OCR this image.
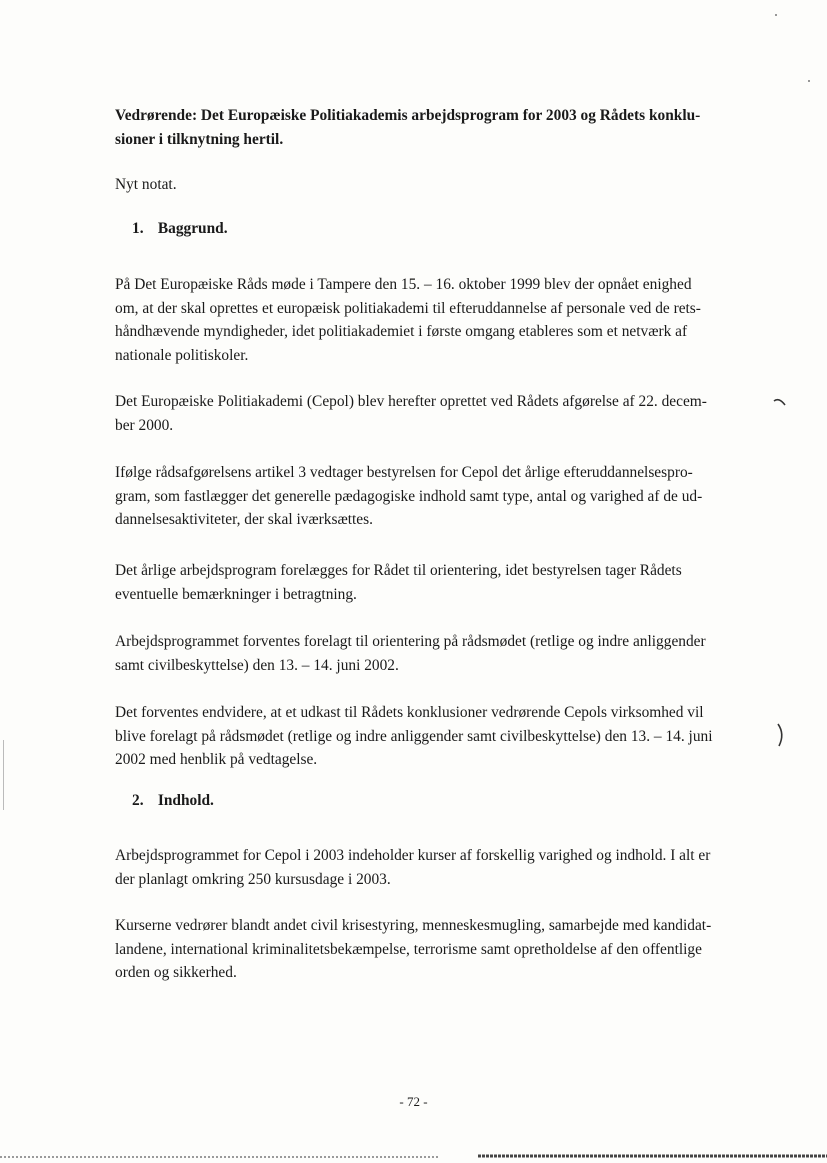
Vedrørende: Det Europæiske Politiakademis arbejdsprogram for 2003 og Rådets konklu-
sioner i tilknytning hertil.
Nyt notat.
1. Baggrund.
På Det Europæiske Råds møde i Tampere den 15. – 16. oktober 1999 blev der opnået enighed
om, at der skal oprettes et europæisk politiakademi til efteruddannelse af personale ved de rets-
håndhævende myndigheder, idet politiakademiet i første omgang etableres som et netværk af
nationale politiskoler.
Det Europæiske Politiakademi (Cepol) blev herefter oprettet ved Rådets afgørelse af 22. decem-
ber 2000.
Ifølge rådsafgørelsens artikel 3 vedtager bestyrelsen for Cepol det årlige efteruddannelsespro-
gram, som fastlægger det generelle pædagogiske indhold samt type, antal og varighed af de ud-
dannelsesaktiviteter, der skal iværksættes.
Det årlige arbejdsprogram forelægges for Rådet til orientering, idet bestyrelsen tager Rådets
eventuelle bemærkninger i betragtning.
Arbejdsprogrammet forventes forelagt til orientering på rådsmødet (retlige og indre anliggender
samt civilbeskyttelse) den 13. – 14. juni 2002.
Det forventes endvidere, at et udkast til Rådets konklusioner vedrørende Cepols virksomhed vil
blive forelagt på rådsmødet (retlige og indre anliggender samt civilbeskyttelse) den 13. – 14. juni
2002 med henblik på vedtagelse.
2. Indhold.
Arbejdsprogrammet for Cepol i 2003 indeholder kurser af forskellig varighed og indhold. I alt er
der planlagt omkring 250 kursusdage i 2003.
Kurserne vedrører blandt andet civil krisestyring, menneskesmugling, samarbejde med kandidat-
landene, international kriminalitetsbekæmpelse, terrorisme samt opretholdelse af den offentlige
orden og sikkerhed.
- 72 -
